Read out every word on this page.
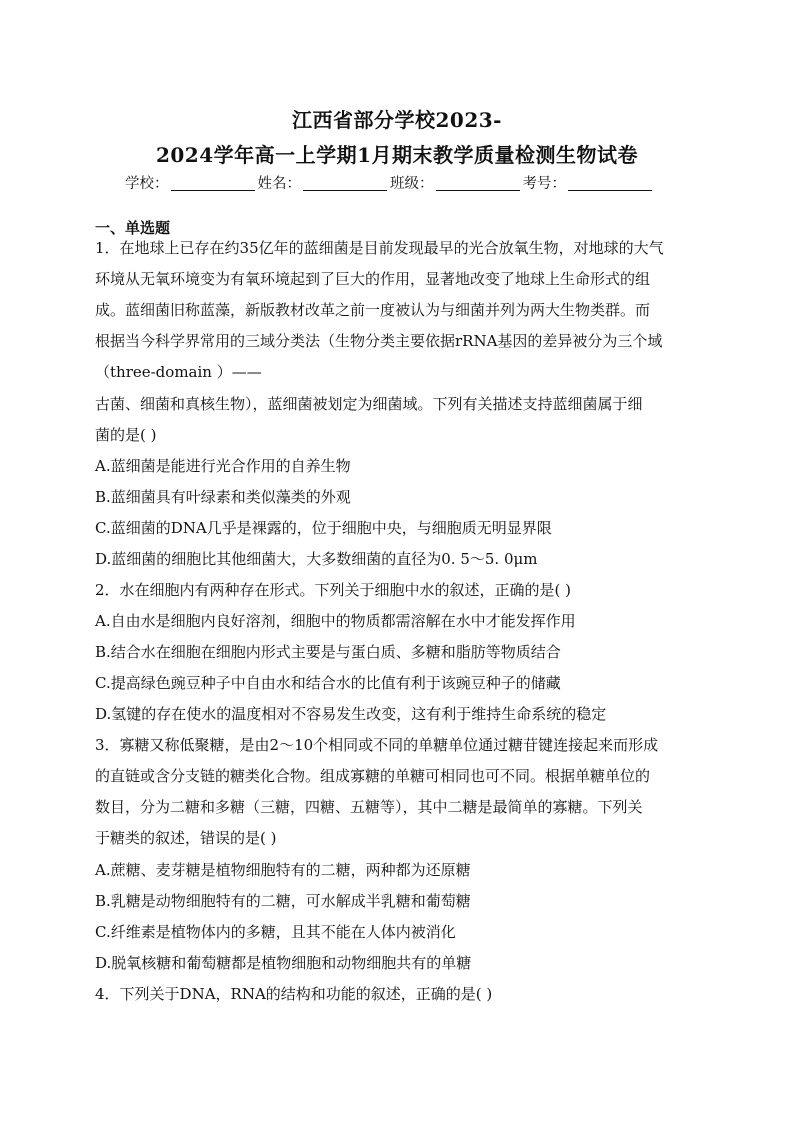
江西省部分学校2023-
2024学年高一上学期1月期末教学质量检测生物试卷
学校：	姓名：	班级：	考号：
一、单选题
1．在地球上已存在约35亿年的蓝细菌是目前发现最早的光合放氧生物，对地球的大气
环境从无氧环境变为有氧环境起到了巨大的作用，显著地改变了地球上生命形式的组
成。蓝细菌旧称蓝藻，新版教材改革之前一度被认为与细菌并列为两大生物类群。而
根据当今科学界常用的三域分类法（生物分类主要依据rRNA基因的差异被分为三个域
（three-domain ）——
古菌、细菌和真核生物），蓝细菌被划定为细菌域。下列有关描述支持蓝细菌属于细
菌的是( )
A.蓝细菌是能进行光合作用的自养生物
B.蓝细菌具有叶绿素和类似藻类的外观
C.蓝细菌的DNA几乎是裸露的，位于细胞中央，与细胞质无明显界限
D.蓝细菌的细胞比其他细菌大，大多数细菌的直径为0. 5～5. 0μm
2．水在细胞内有两种存在形式。下列关于细胞中水的叙述，正确的是( )
A.自由水是细胞内良好溶剂，细胞中的物质都需溶解在水中才能发挥作用
B.结合水在细胞在细胞内形式主要是与蛋白质、多糖和脂肪等物质结合
C.提高绿色豌豆种子中自由水和结合水的比值有利于该豌豆种子的储藏
D.氢键的存在使水的温度相对不容易发生改变，这有利于维持生命系统的稳定
3．寡糖又称低聚糖，是由2～10个相同或不同的单糖单位通过糖苷键连接起来而形成
的直链或含分支链的糖类化合物。组成寡糖的单糖可相同也可不同。根据单糖单位的
数目，分为二糖和多糖（三糖，四糖、五糖等），其中二糖是最简单的寡糖。下列关
于糖类的叙述，错误的是( )
A.蔗糖、麦芽糖是植物细胞特有的二糖，两种都为还原糖
B.乳糖是动物细胞特有的二糖，可水解成半乳糖和葡萄糖
C.纤维素是植物体内的多糖，且其不能在人体内被消化
D.脱氧核糖和葡萄糖都是植物细胞和动物细胞共有的单糖
4．下列关于DNA，RNA的结构和功能的叙述，正确的是( )
